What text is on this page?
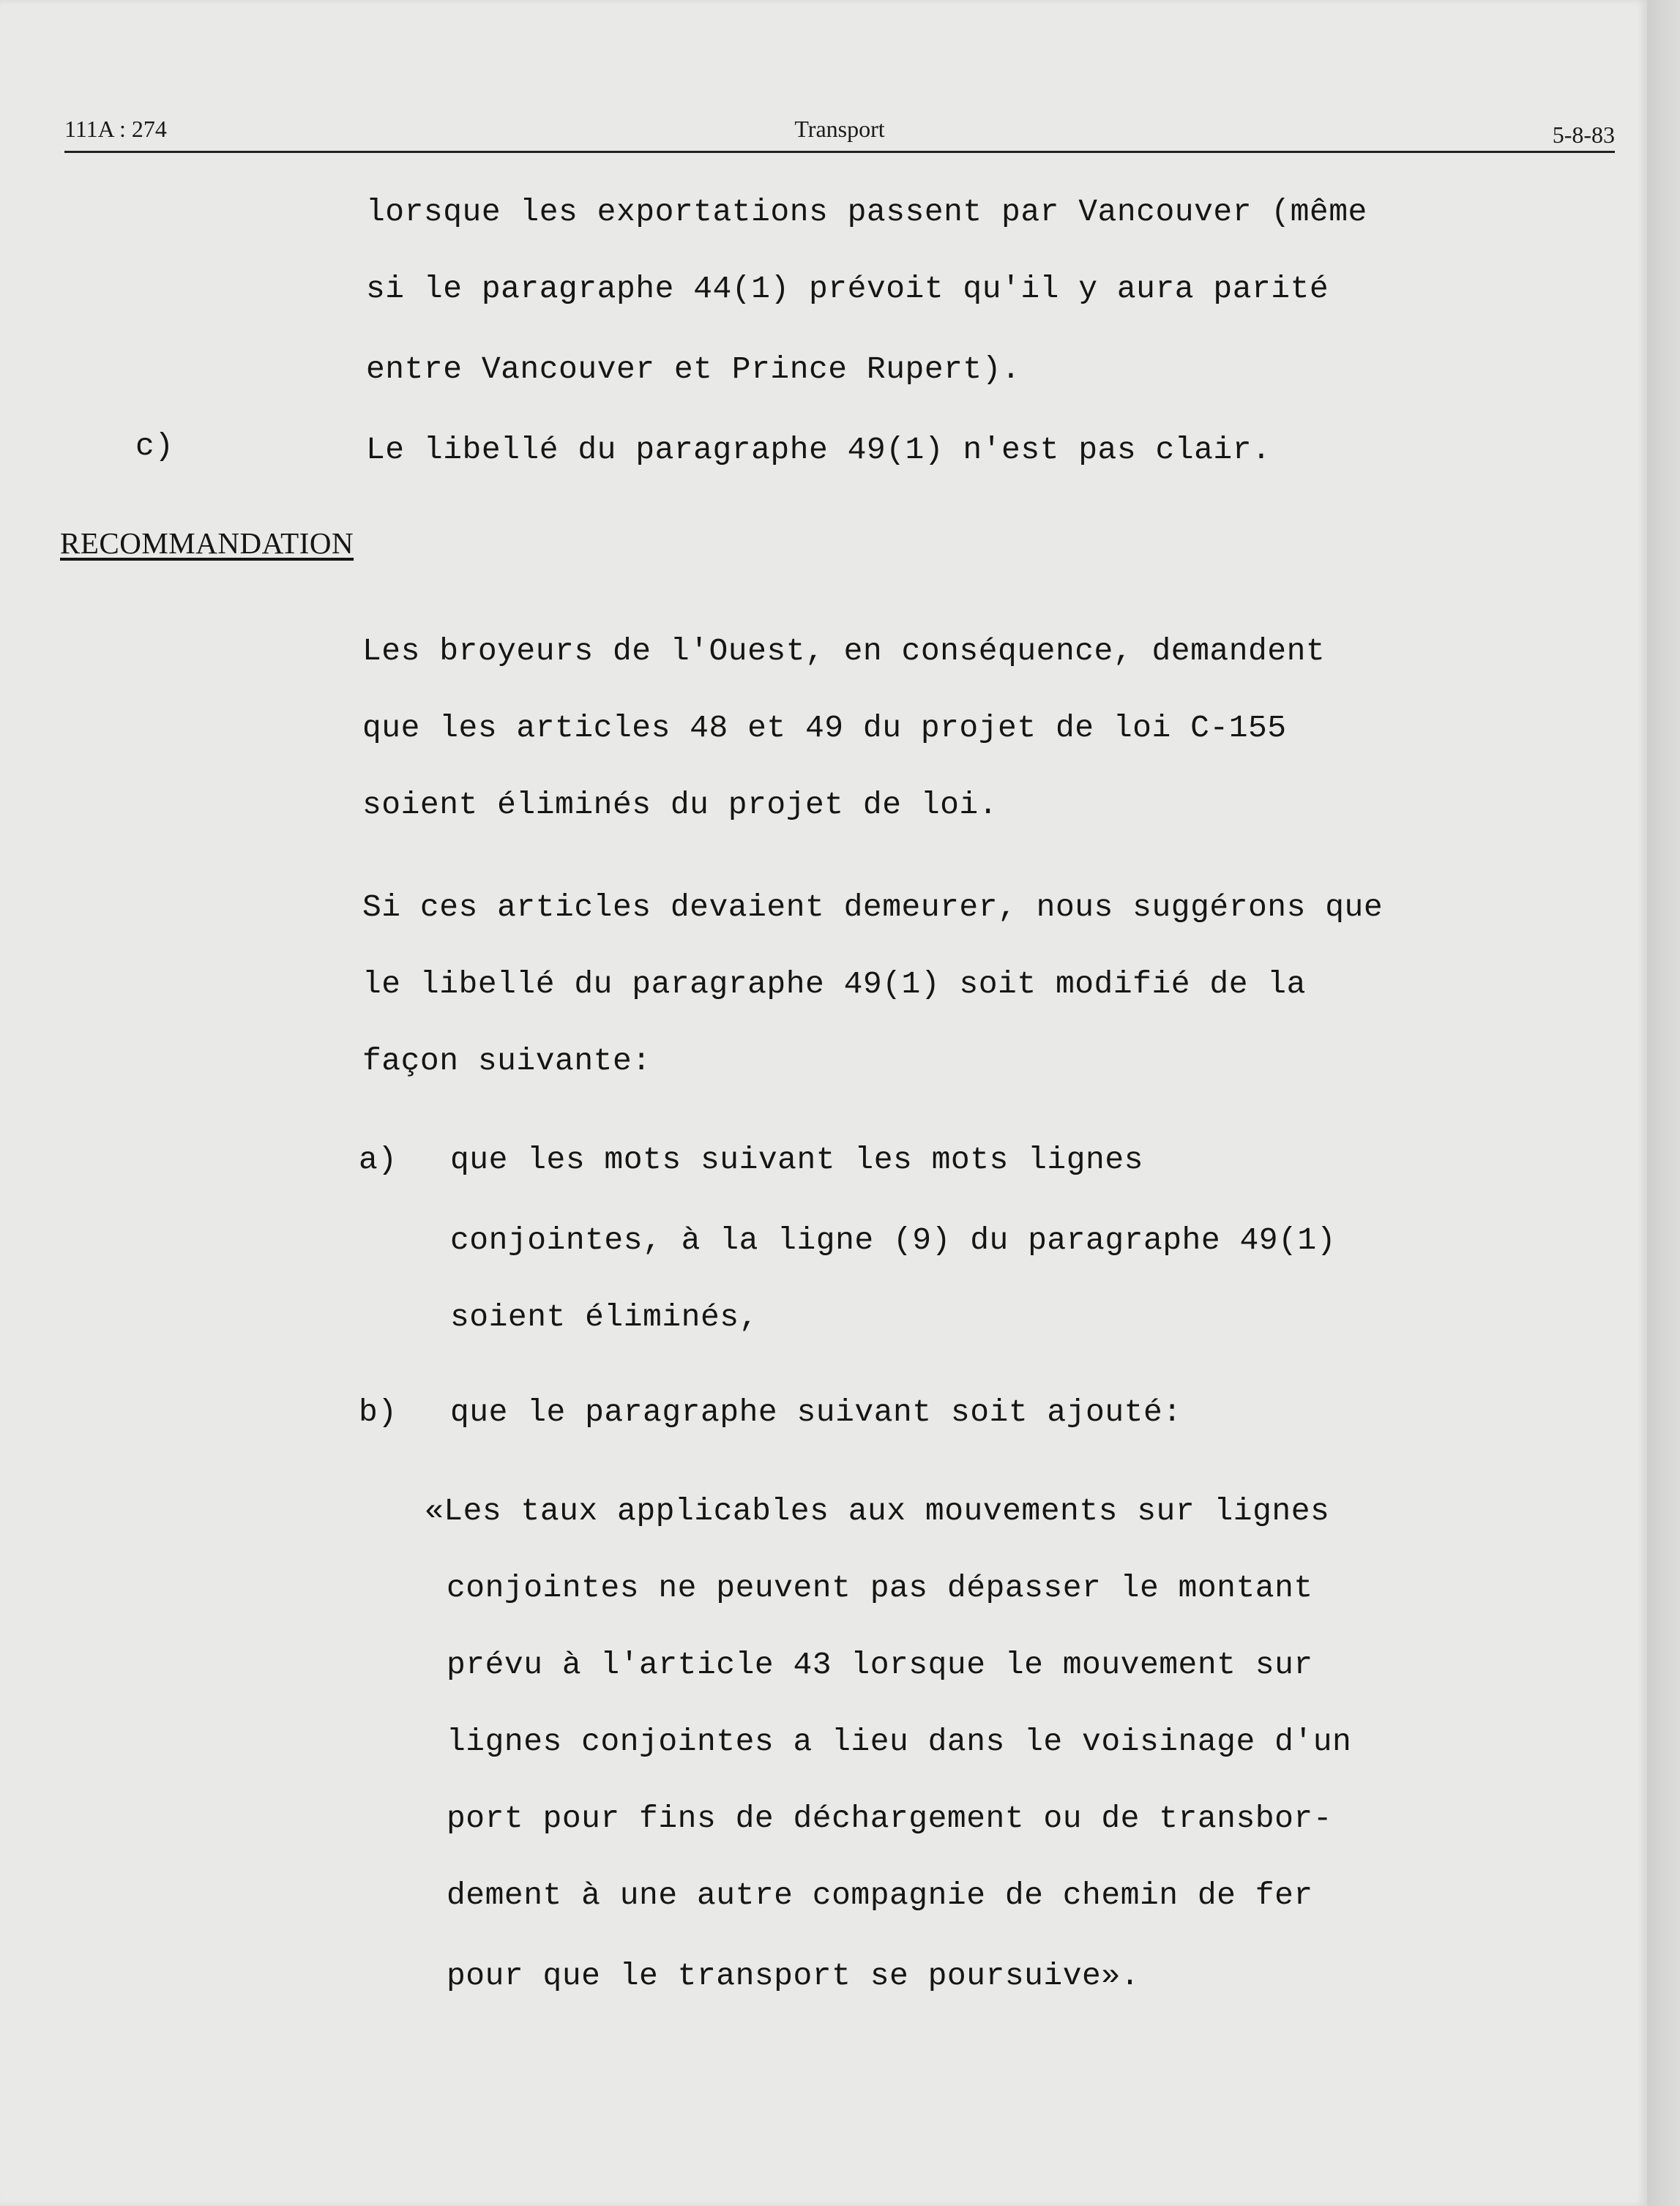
111A : 274	Transport	5-8-83
lorsque les exportations passent par Vancouver (même
si le paragraphe 44(1) prévoit qu'il y aura parité
entre Vancouver et Prince Rupert).
c)	Le libellé du paragraphe 49(1) n'est pas clair.
RECOMMANDATION
Les broyeurs de l'Ouest, en conséquence, demandent
que les articles 48 et 49 du projet de loi C-155
soient éliminés du projet de loi.
Si ces articles devaient demeurer, nous suggérons que
le libellé du paragraphe 49(1) soit modifié de la
façon suivante:
a) que les mots suivant les mots lignes
conjointes, à la ligne (9) du paragraphe 49(1)
soient éliminés,
b) que le paragraphe suivant soit ajouté:
«Les taux applicables aux mouvements sur lignes
conjointes ne peuvent pas dépasser le montant
prévu à l'article 43 lorsque le mouvement sur
lignes conjointes a lieu dans le voisinage d'un
port pour fins de déchargement ou de transbor-
dement à une autre compagnie de chemin de fer
pour que le transport se poursuive».
